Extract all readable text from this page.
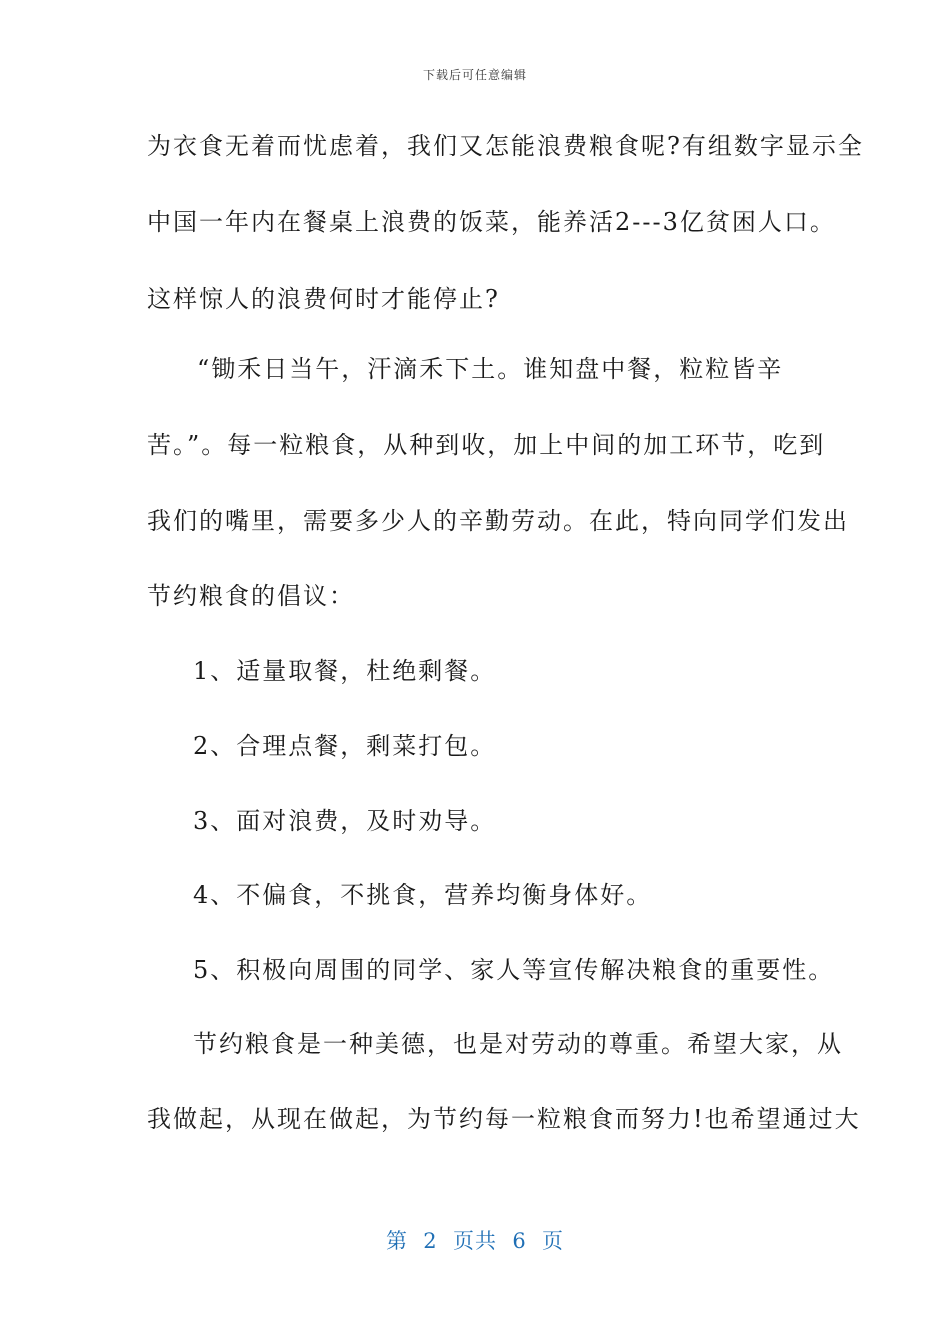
下载后可任意编辑
为衣食无着而忧虑着，我们又怎能浪费粮食呢?有组数字显示全
中国一年内在餐桌上浪费的饭菜，能养活2---3亿贫困人口。
这样惊人的浪费何时才能停止?
“锄禾日当午，汗滴禾下土。谁知盘中餐，粒粒皆辛
苦。”。每一粒粮食，从种到收，加上中间的加工环节，吃到
我们的嘴里，需要多少人的辛勤劳动。在此，特向同学们发出
节约粮食的倡议：
1、适量取餐，杜绝剩餐。
2、合理点餐，剩菜打包。
3、面对浪费，及时劝导。
4、不偏食，不挑食，营养均衡身体好。
5、积极向周围的同学、家人等宣传解决粮食的重要性。
节约粮食是一种美德，也是对劳动的尊重。希望大家，从
我做起，从现在做起，为节约每一粒粮食而努力!也希望通过大
第  2  页共  6  页
